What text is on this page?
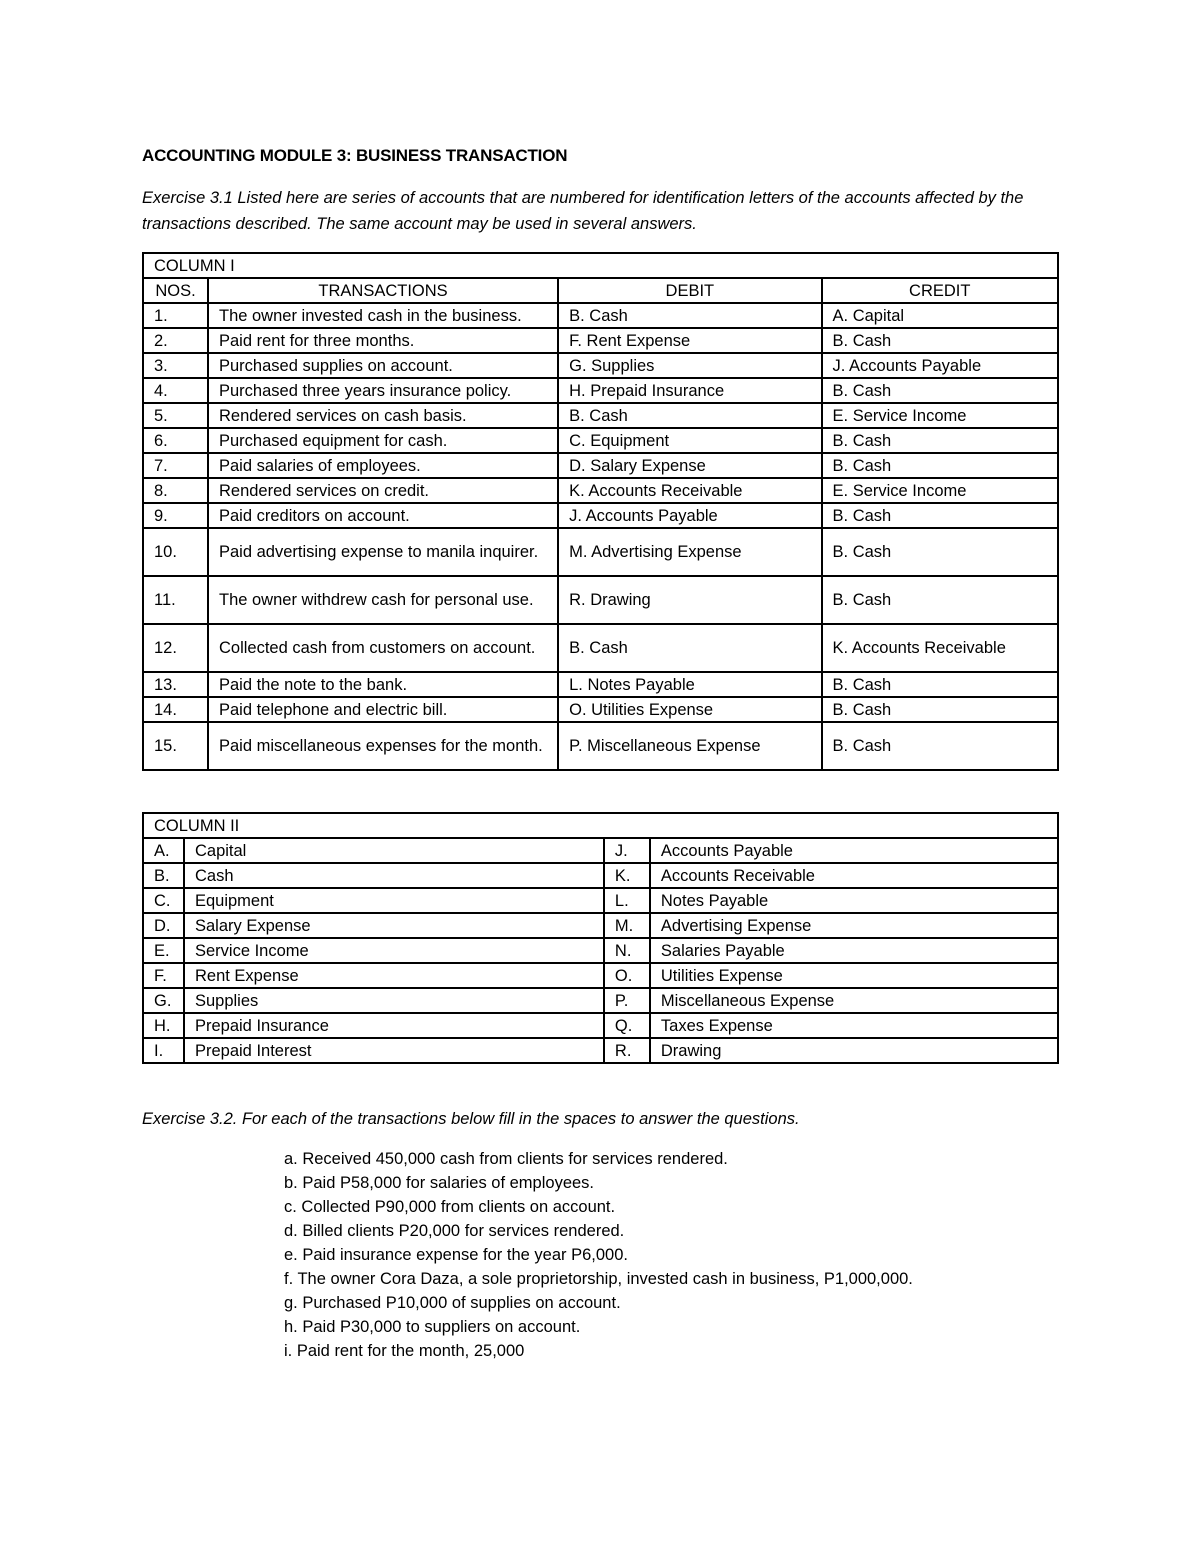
ACCOUNTING MODULE 3: BUSINESS TRANSACTION

Exercise 3.1 Listed here are series of accounts that are numbered for identification letters of the accounts affected by the transactions described. The same account may be used in several answers.

COLUMN I			
NOS.	TRANSACTIONS	DEBIT	CREDIT
1.	The owner invested cash in the business.	B. Cash	A. Capital
2.	Paid rent for three months.	F. Rent Expense	B. Cash
3.	Purchased supplies on account.	G. Supplies	J. Accounts Payable
4.	Purchased three years insurance policy.	H. Prepaid Insurance	B. Cash
5.	Rendered services on cash basis.	B. Cash	E. Service Income
6.	Purchased equipment for cash.	C. Equipment	B. Cash
7.	Paid salaries of employees.	D. Salary Expense	B. Cash
8.	Rendered services on credit.	K. Accounts Receivable	E. Service Income
9.	Paid creditors on account.	J. Accounts Payable	B. Cash
10.	Paid advertising expense to manila inquirer.	M. Advertising Expense	B. Cash
11.	The owner withdrew cash for personal use.	R. Drawing	B. Cash
12.	Collected cash from customers on account.	B. Cash	K. Accounts Receivable
13.	Paid the note to the bank.	L. Notes Payable	B. Cash
14.	Paid telephone and electric bill.	O. Utilities Expense	B. Cash
15.	Paid miscellaneous expenses for the month.	P. Miscellaneous Expense	B. Cash
COLUMN II			
A.	Capital	J.	Accounts Payable
B.	Cash	K.	Accounts Receivable
C.	Equipment	L.	Notes Payable
D.	Salary Expense	M.	Advertising Expense
E.	Service Income	N.	Salaries Payable
F.	Rent Expense	O.	Utilities Expense
G.	Supplies	P.	Miscellaneous Expense
H.	Prepaid Insurance	Q.	Taxes Expense
I.	Prepaid Interest	R.	Drawing

Exercise 3.2. For each of the transactions below fill in the spaces to answer the questions.

a. Received 450,000 cash from clients for services rendered.
b. Paid P58,000 for salaries of employees.
c. Collected P90,000 from clients on account.
d. Billed clients P20,000 for services rendered.
e. Paid insurance expense for the year P6,000.
f. The owner Cora Daza, a sole proprietorship, invested cash in business, P1,000,000.
g. Purchased P10,000 of supplies on account.
h. Paid P30,000 to suppliers on account.
i. Paid rent for the month, 25,000
